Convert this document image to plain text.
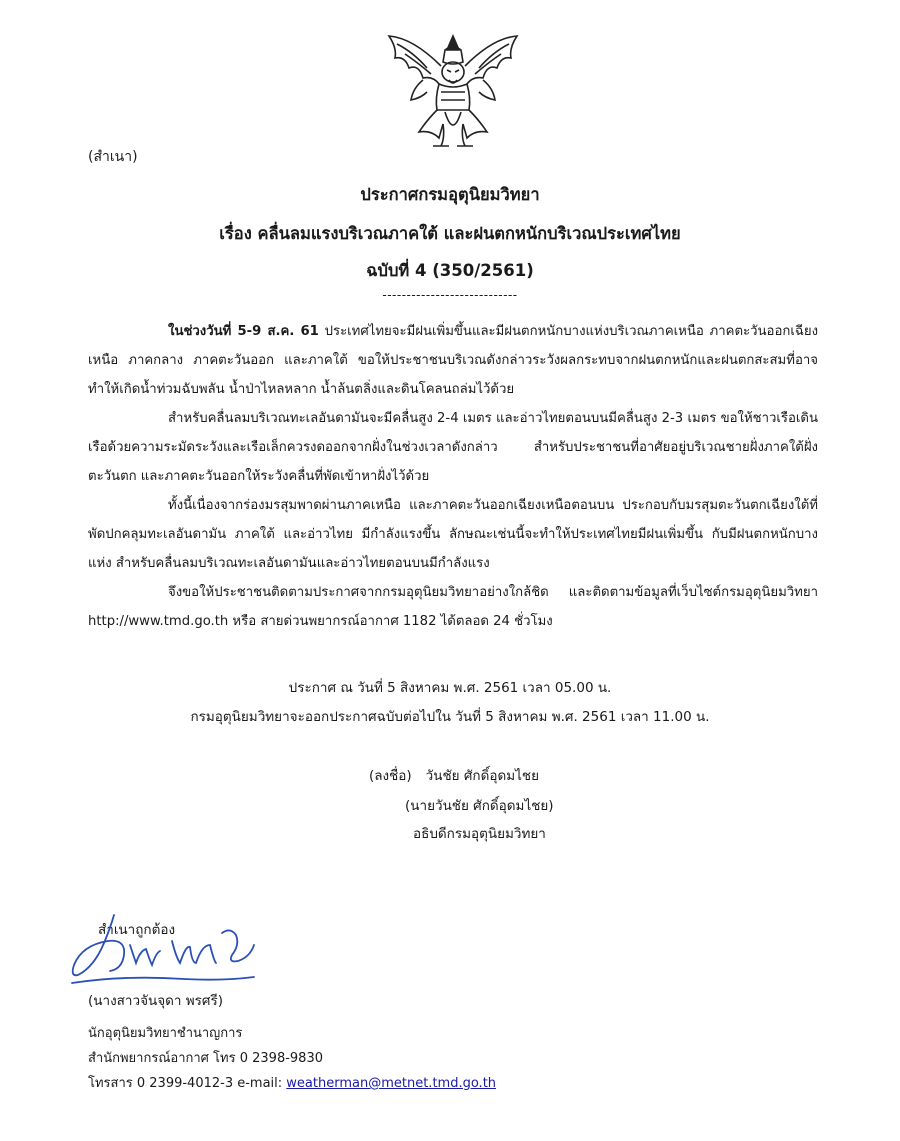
(สำเนา)
ประกาศกรมอุตุนิยมวิทยา
เรื่อง คลื่นลมแรงบริเวณภาคใต้ และฝนตกหนักบริเวณประเทศไทย
ฉบับที่ 4 (350/2561)
----------------------------

ในช่วงวันที่ 5-9 ส.ค. 61 ประเทศไทยจะมีฝนเพิ่มขึ้นและมีฝนตกหนักบางแห่งบริเวณภาคเหนือ ภาคตะวันออกเฉียงเหนือ ภาคกลาง ภาคตะวันออก และภาคใต้ ขอให้ประชาชนบริเวณดังกล่าวระวังผลกระทบจากฝนตกหนักและฝนตกสะสมที่อาจทำให้เกิดน้ำท่วมฉับพลัน น้ำป่าไหลหลาก น้ำล้นตลิ่งและดินโคลนถล่มไว้ด้วย

สำหรับคลื่นลมบริเวณทะเลอันดามันจะมีคลื่นสูง 2-4 เมตร และอ่าวไทยตอนบนมีคลื่นสูง 2-3 เมตร ขอให้ชาวเรือเดินเรือด้วยความระมัดระวังและเรือเล็กควรงดออกจากฝั่งในช่วงเวลาดังกล่าว สำหรับประชาชนที่อาศัยอยู่บริเวณชายฝั่งภาคใต้ฝั่งตะวันตก และภาคตะวันออกให้ระวังคลื่นที่พัดเข้าหาฝั่งไว้ด้วย

ทั้งนี้เนื่องจากร่องมรสุมพาดผ่านภาคเหนือ และภาคตะวันออกเฉียงเหนือตอนบน ประกอบกับมรสุมตะวันตกเฉียงใต้ที่พัดปกคลุมทะเลอันดามัน ภาคใต้ และอ่าวไทย มีกำลังแรงขึ้น ลักษณะเช่นนี้จะทำให้ประเทศไทยมีฝนเพิ่มขึ้น กับมีฝนตกหนักบางแห่ง สำหรับคลื่นลมบริเวณทะเลอันดามันและอ่าวไทยตอนบนมีกำลังแรง

จึงขอให้ประชาชนติดตามประกาศจากกรมอุตุนิยมวิทยาอย่างใกล้ชิด และติดตามข้อมูลที่เว็บไซต์กรมอุตุนิยมวิทยา http://www.tmd.go.th หรือ สายด่วนพยากรณ์อากาศ 1182 ได้ตลอด 24 ชั่วโมง

ประกาศ ณ วันที่ 5 สิงหาคม พ.ศ. 2561 เวลา 05.00 น.
กรมอุตุนิยมวิทยาจะออกประกาศฉบับต่อไปใน วันที่ 5 สิงหาคม พ.ศ. 2561 เวลา 11.00 น.
(ลงชื่อ) วันชัย ศักดิ์อุดมไชย
(นายวันชัย ศักดิ์อุดมไชย)
อธิบดีกรมอุตุนิยมวิทยา
สำเนาถูกต้อง
(นางสาวจันจุดา พรศรี)
นักอุตุนิยมวิทยาชำนาญการ
สำนักพยากรณ์อากาศ โทร 0 2398-9830
โทรสาร 0 2399-4012-3 e-mail: weatherman@metnet.tmd.go.th
